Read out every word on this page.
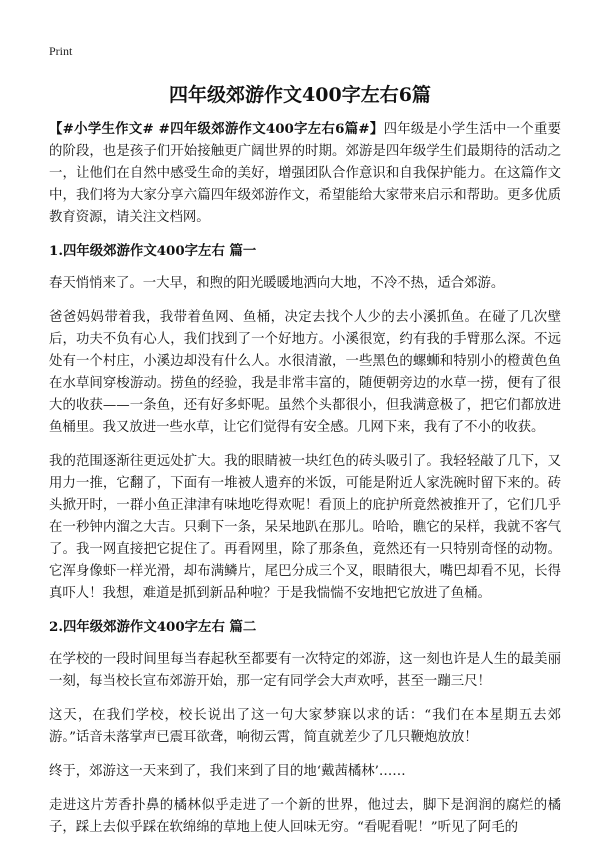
Print
四年级郊游作文400字左右6篇

【#小学生作文# #四年级郊游作文400字左右6篇#】四年级是小学生活中一个重要的阶段，也是孩子们开始接触更广阔世界的时期。郊游是四年级学生们最期待的活动之一，让他们在自然中感受生命的美好，增强团队合作意识和自我保护能力。在这篇作文中，我们将为大家分享六篇四年级郊游作文，希望能给大家带来启示和帮助。更多优质教育资源，请关注文档网。

1.四年级郊游作文400字左右 篇一

春天悄悄来了。一大早，和煦的阳光暖暖地洒向大地，不冷不热，适合郊游。

爸爸妈妈带着我，我带着鱼网、鱼桶，决定去找个人少的去小溪抓鱼。在碰了几次壁后，功夫不负有心人，我们找到了一个好地方。小溪很宽，约有我的手臂那么深。不远处有一个村庄，小溪边却没有什么人。水很清澈，一些黑色的螺蛳和特别小的橙黄色鱼在水草间穿梭游动。捞鱼的经验，我是非常丰富的，随便朝旁边的水草一捞，便有了很大的收获——一条鱼，还有好多虾呢。虽然个头都很小，但我满意极了，把它们都放进鱼桶里。我又放进一些水草，让它们觉得有安全感。几网下来，我有了不小的收获。

我的范围逐渐往更远处扩大。我的眼睛被一块红色的砖头吸引了。我轻轻敲了几下，又用力一推，它翻了，下面有一堆被人遗弃的米饭，可能是附近人家洗碗时留下来的。砖头掀开时，一群小鱼正津津有味地吃得欢呢！看顶上的庇护所竟然被推开了，它们几乎在一秒钟内溜之大吉。只剩下一条，呆呆地趴在那儿。哈哈，瞧它的呆样，我就不客气了。我一网直接把它捉住了。再看网里，除了那条鱼，竟然还有一只特别奇怪的动物。它浑身像虾一样光滑，却布满鳞片，尾巴分成三个叉，眼睛很大，嘴巴却看不见，长得真吓人！我想，难道是抓到新品种啦？于是我惴惴不安地把它放进了鱼桶。

2.四年级郊游作文400字左右 篇二

在学校的一段时间里每当春起秋至都要有一次特定的郊游，这一刻也许是人生的最美丽一刻，每当校长宣布郊游开始，那一定有同学会大声欢呼，甚至一蹦三尺！

这天，在我们学校，校长说出了这一句大家梦寐以求的话：“我们在本星期五去郊游。”话音未落掌声已震耳欲聋，响彻云霄，简直就差少了几只鞭炮放放！

终于，郊游这一天来到了，我们来到了目的地‘戴茜橘林’……

走进这片芳香扑鼻的橘林似乎走进了一个新的世界，他过去，脚下是润润的腐烂的橘子，踩上去似乎踩在软绵绵的草地上使人回味无穷。“看呢看呢！”听见了阿毛的
